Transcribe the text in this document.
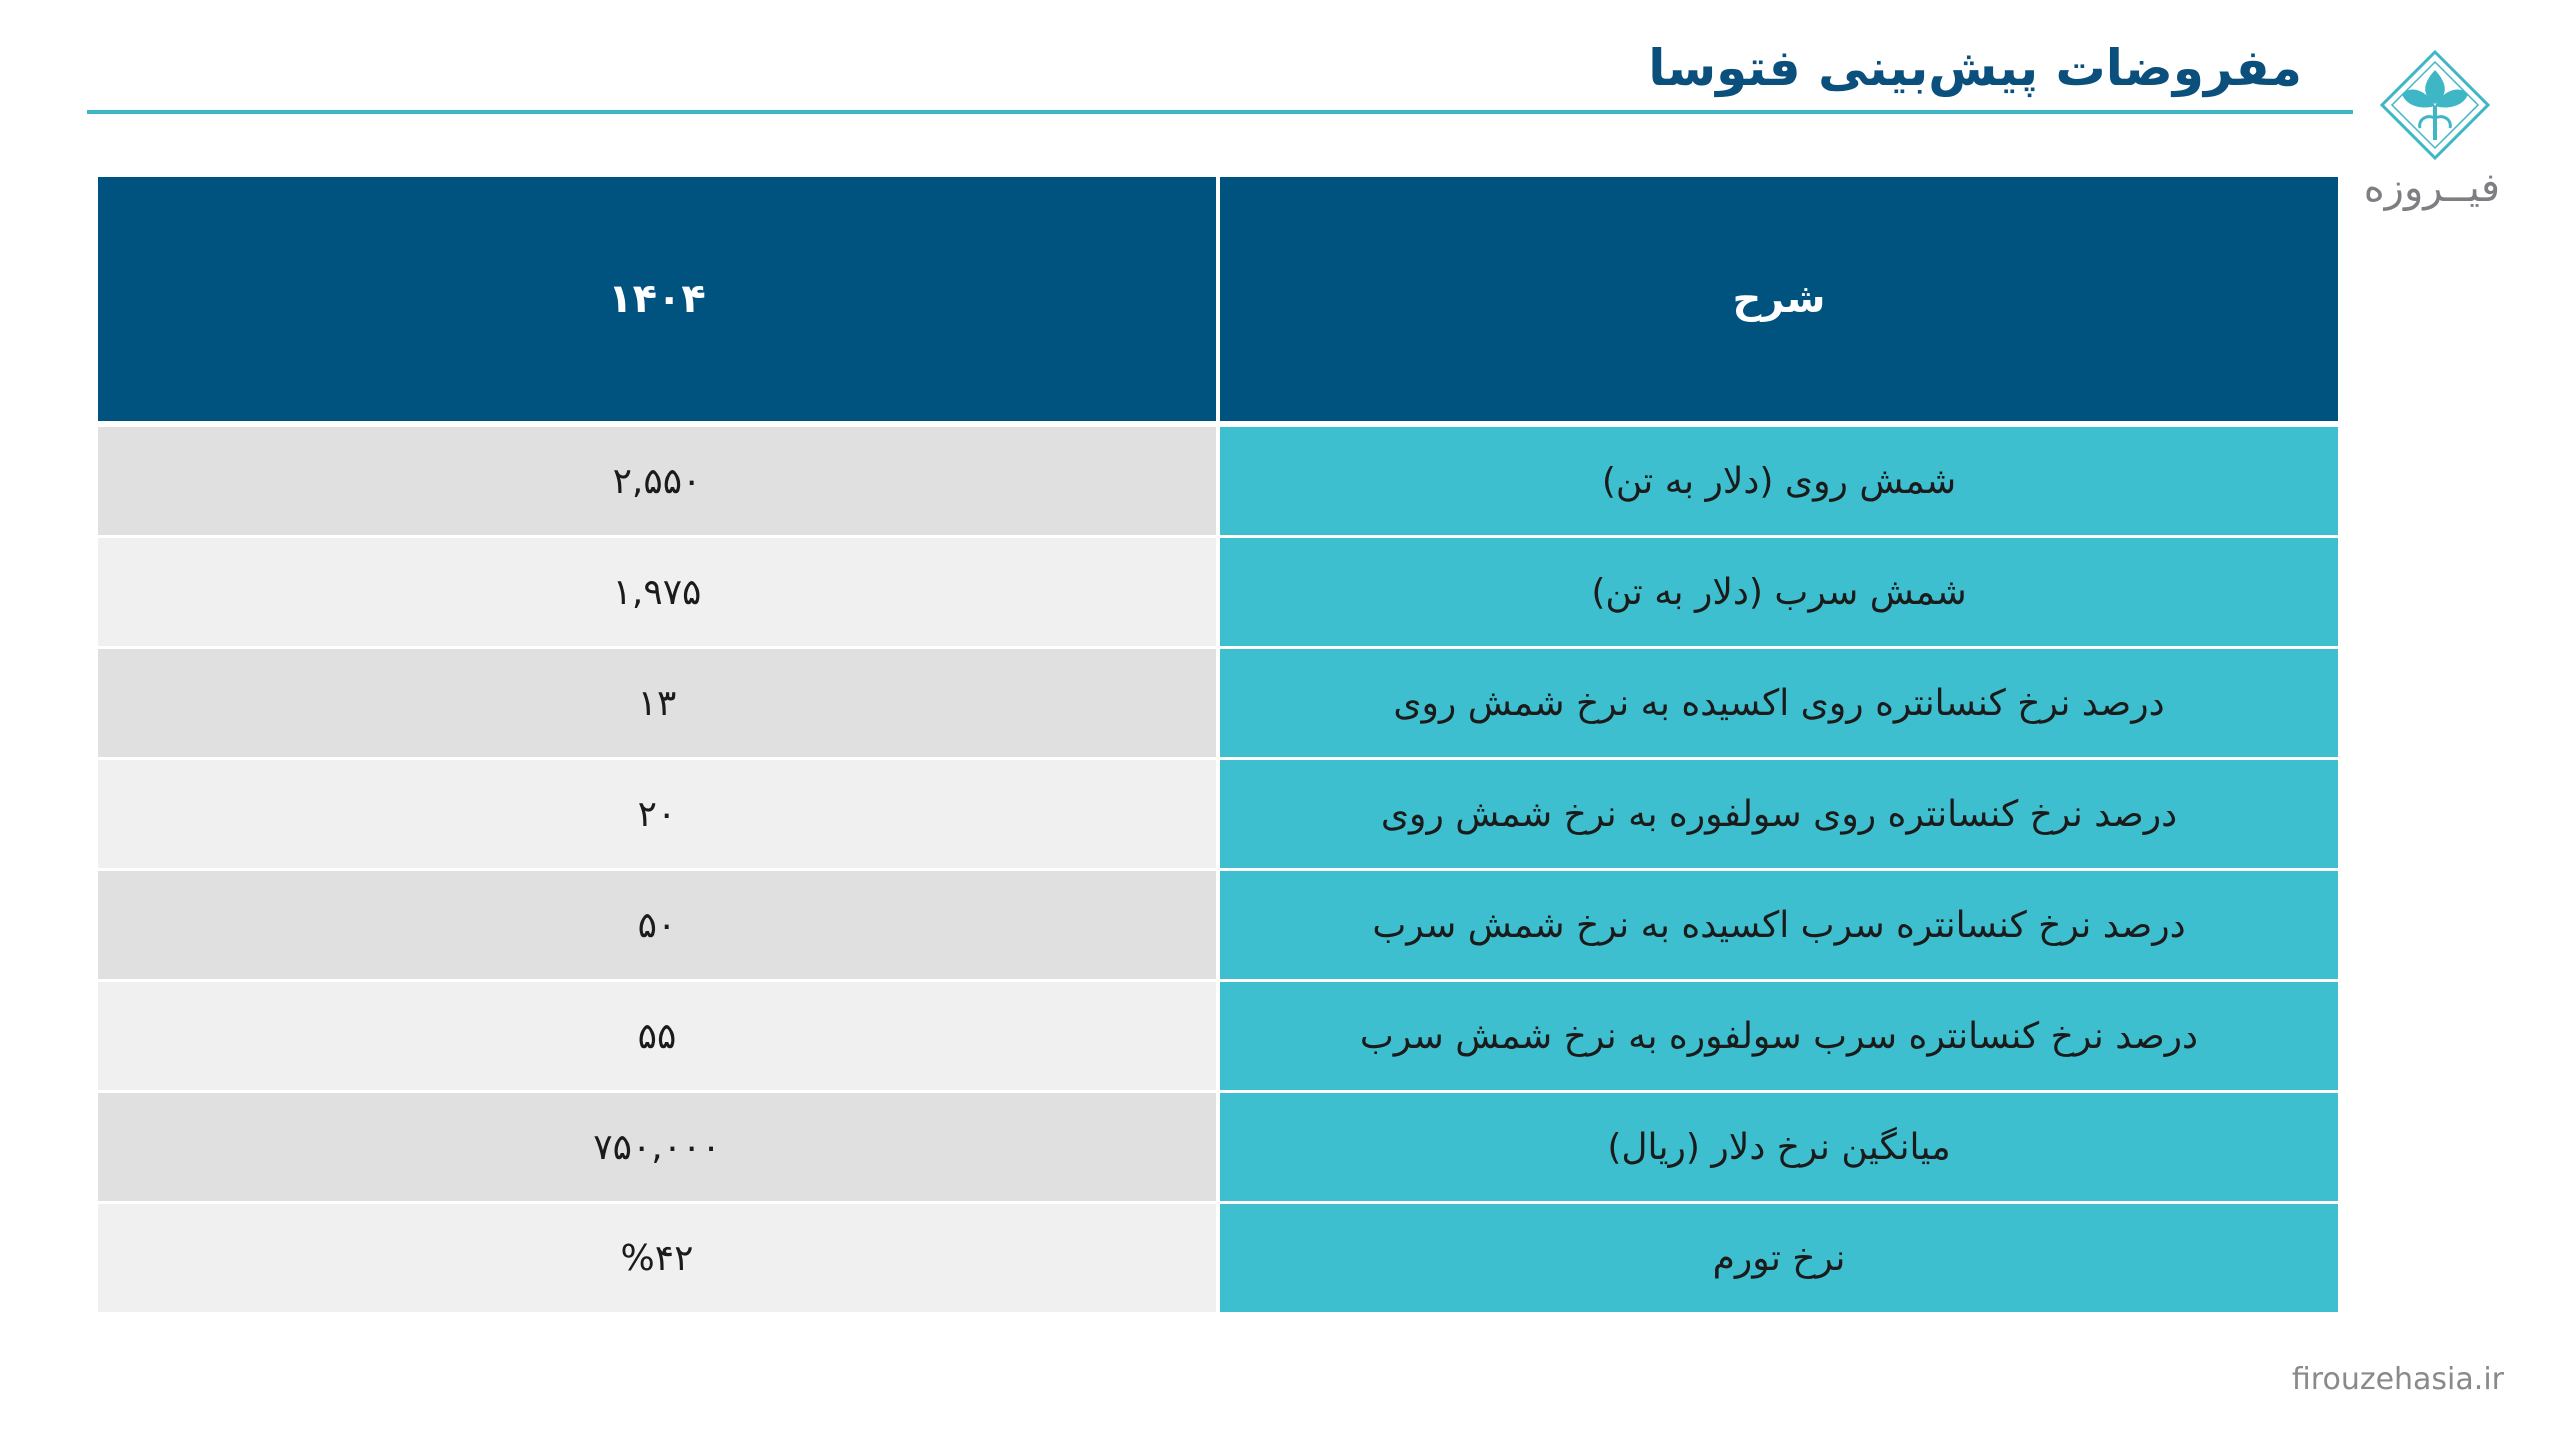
مفروضات پیش‌بینی فتوسا
فیــروزه
شرح	۱۴۰۴
شمش روی (دلار به تن)	۲,۵۵۰
شمش سرب (دلار به تن)	۱,۹۷۵
درصد نرخ کنسانتره روی اکسیده به نرخ شمش روی	۱۳
درصد نرخ کنسانتره روی سولفوره به نرخ شمش روی	۲۰
درصد نرخ کنسانتره سرب اکسیده به نرخ شمش سرب	۵۰
درصد نرخ کنسانتره سرب سولفوره به نرخ شمش سرب	۵۵
میانگین نرخ دلار (ریال)	۷۵۰,۰۰۰
نرخ تورم	%۴۲
firouzehasia.ir
